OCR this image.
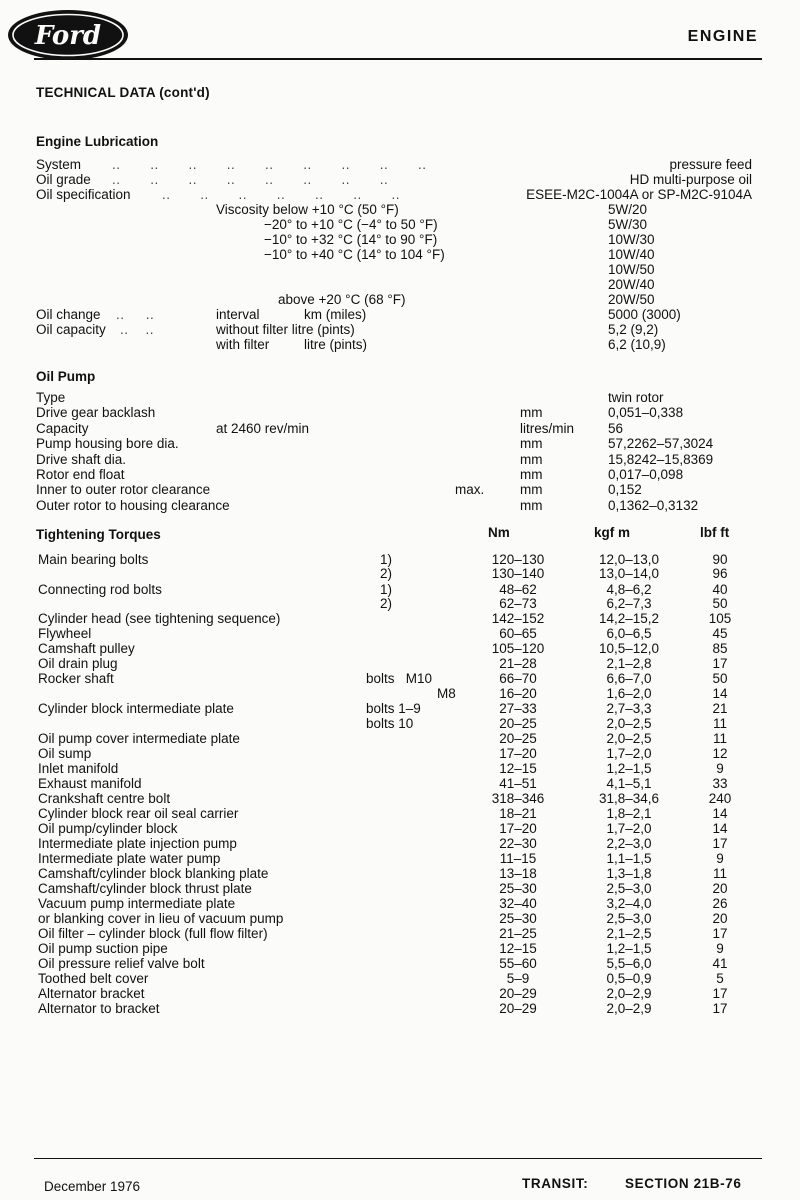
Ford	ENGINE
TECHNICAL DATA (cont'd)
Engine Lubrication
System ..       ..       ..       ..       ..       ..       ..       ..       ..	pressure feed
Oil grade ..       ..       ..       ..       ..       ..       ..       ..	HD multi-purpose oil
Oil specification ..       ..       ..       ..       ..       ..       ..	ESEE-M2C-1004A or SP-M2C-9104A
Viscosity below +10 °C (50 °F)	5W/20
−20° to +10 °C (−4° to 50 °F)	5W/30
−10° to +32 °C (14° to 90 °F)	10W/30
−10° to +40 °C (14° to 104 °F)	10W/40
10W/50
20W/40
above +20 °C (68 °F)	20W/50
Oil change ..     ..	interval	km (miles)	5000 (3000)
Oil capacity ..    ..	without filter litre (pints)	5,2 (9,2)
with filter	litre (pints)	6,2 (10,9)
Oil Pump
Type	twin rotor
Drive gear backlash	mm	0,051–0,338
Capacity	at 2460 rev/min	litres/min	56
Pump housing bore dia.	mm	57,2262–57,3024
Drive shaft dia.	mm	15,8242–15,8369
Rotor end float	mm	0,017–0,098
Inner to outer rotor clearance	max.	mm	0,152
Outer rotor to housing clearance	mm	0,1362–0,3132
Tightening Torques	Nm	kgf m	lbf ft
Main bearing bolts	1)	120–130	12,0–13,0	90
2)	130–140	13,0–14,0	96
Connecting rod bolts	1)	48–62	4,8–6,2	40
2)	62–73	6,2–7,3	50
Cylinder head (see tightening sequence)	142–152	14,2–15,2	105
Flywheel	60–65	6,0–6,5	45
Camshaft pulley	105–120	10,5–12,0	85
Oil drain plug	21–28	2,1–2,8	17
Rocker shaft	bolts   M10	66–70	6,6–7,0	50
M8	16–20	1,6–2,0	14
Cylinder block intermediate plate	bolts 1–9	27–33	2,7–3,3	21
bolts 10	20–25	2,0–2,5	11
Oil pump cover intermediate plate	20–25	2,0–2,5	11
Oil sump	17–20	1,7–2,0	12
Inlet manifold	12–15	1,2–1,5	9
Exhaust manifold	41–51	4,1–5,1	33
Crankshaft centre bolt	318–346	31,8–34,6	240
Cylinder block rear oil seal carrier	18–21	1,8–2,1	14
Oil pump/cylinder block	17–20	1,7–2,0	14
Intermediate plate injection pump	22–30	2,2–3,0	17
Intermediate plate water pump	11–15	1,1–1,5	9
Camshaft/cylinder block blanking plate	13–18	1,3–1,8	11
Camshaft/cylinder block thrust plate	25–30	2,5–3,0	20
Vacuum pump intermediate plate	32–40	3,2–4,0	26
or blanking cover in lieu of vacuum pump	25–30	2,5–3,0	20
Oil filter – cylinder block (full flow filter)	21–25	2,1–2,5	17
Oil pump suction pipe	12–15	1,2–1,5	9
Oil pressure relief valve bolt	55–60	5,5–6,0	41
Toothed belt cover	5–9	0,5–0,9	5
Alternator bracket	20–29	2,0–2,9	17
Alternator to bracket	20–29	2,0–2,9	17
December 1976	TRANSIT:	SECTION 21B-76
